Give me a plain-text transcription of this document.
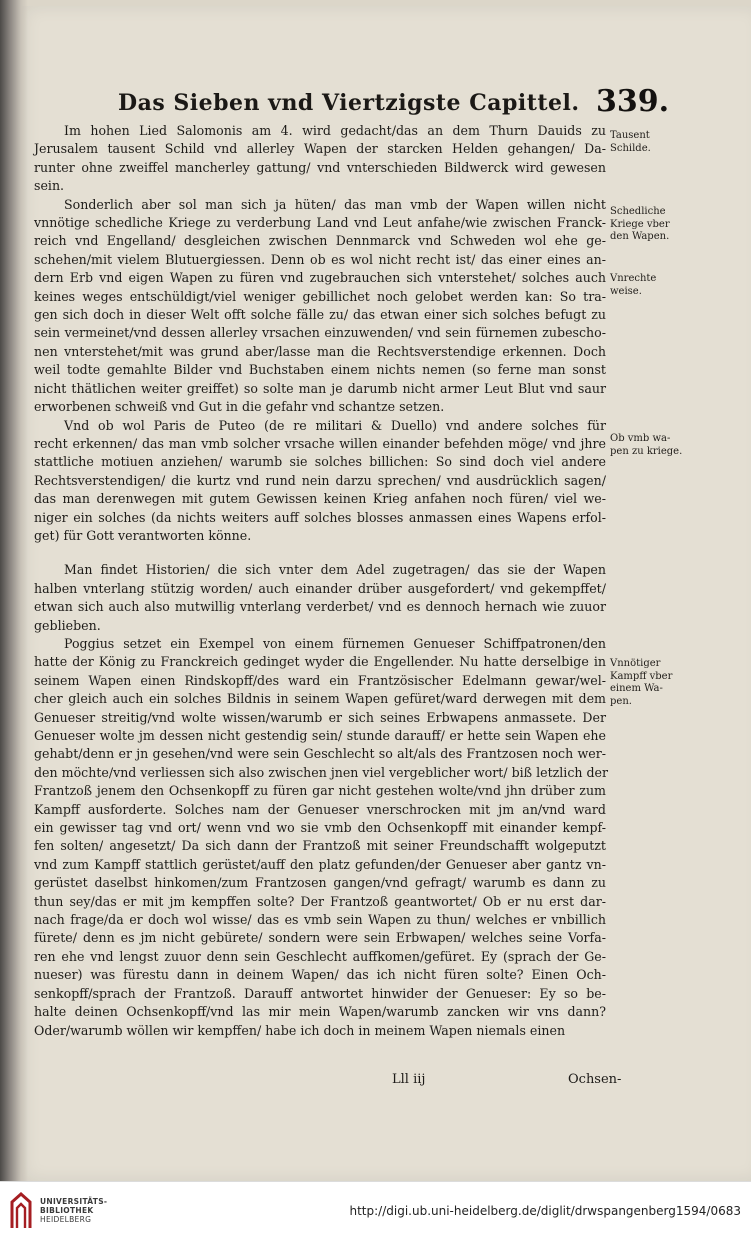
Das Sieben vnd Viertzigste Capittel. 339.
Im hohen Lied Salomonis am 4. wird gedacht/das an dem Thurn Dauids zu
Jerusalem tausent Schild vnd allerley Wapen der starcken Helden gehangen/ Da-
runter ohne zweiffel mancherley gattung/ vnd vnterschieden Bildwerck wird gewesen
sein.
Sonderlich aber sol man sich ja hüten/ das man vmb der Wapen willen nicht
vnnötige schedliche Kriege zu verderbung Land vnd Leut anfahe/wie zwischen Franck-
reich vnd Engelland/ desgleichen zwischen Dennmarck vnd Schweden wol ehe ge-
schehen/mit vielem Blutuergiessen. Denn ob es wol nicht recht ist/ das einer eines an-
dern Erb vnd eigen Wapen zu füren vnd zugebrauchen sich vnterstehet/ solches auch
keines weges entschüldigt/viel weniger gebillichet noch gelobet werden kan: So tra-
gen sich doch in dieser Welt offt solche fälle zu/ das etwan einer sich solches befugt zu
sein vermeinet/vnd dessen allerley vrsachen einzuwenden/ vnd sein fürnemen zubescho-
nen vnterstehet/mit was grund aber/lasse man die Rechtsverstendige erkennen. Doch
weil todte gemahlte Bilder vnd Buchstaben einem nichts nemen (so ferne man sonst
nicht thätlichen weiter greiffet) so solte man je darumb nicht armer Leut Blut vnd saur
erworbenen schweiß vnd Gut in die gefahr vnd schantze setzen.
Vnd ob wol Paris de Puteo (de re militari & Duello) vnd andere solches für
recht erkennen/ das man vmb solcher vrsache willen einander befehden möge/ vnd jhre
stattliche motiuen anziehen/ warumb sie solches billichen: So sind doch viel andere
Rechtsverstendigen/ die kurtz vnd rund nein darzu sprechen/ vnd ausdrücklich sagen/
das man derenwegen mit gutem Gewissen keinen Krieg anfahen noch füren/ viel we-
niger ein solches (da nichts weiters auff solches blosses anmassen eines Wapens erfol-
get) für Gott verantworten könne.
Man findet Historien/ die sich vnter dem Adel zugetragen/ das sie der Wapen
halben vnterlang stützig worden/ auch einander drüber ausgefordert/ vnd gekempffet/
etwan sich auch also mutwillig vnterlang verderbet/ vnd es dennoch hernach wie zuuor
geblieben.
Poggius setzet ein Exempel von einem fürnemen Genueser Schiffpatronen/den
hatte der König zu Franckreich gedinget wyder die Engellender. Nu hatte derselbige in
seinem Wapen einen Rindskopff/des ward ein Frantzösischer Edelmann gewar/wel-
cher gleich auch ein solches Bildnis in seinem Wapen gefüret/ward derwegen mit dem
Genueser streitig/vnd wolte wissen/warumb er sich seines Erbwapens anmassete. Der
Genueser wolte jm dessen nicht gestendig sein/ stunde darauff/ er hette sein Wapen ehe
gehabt/denn er jn gesehen/vnd were sein Geschlecht so alt/als des Frantzosen noch wer-
den möchte/vnd verliessen sich also zwischen jnen viel vergeblicher wort/ biß letzlich der
Frantzoß jenem den Ochsenkopff zu füren gar nicht gestehen wolte/vnd jhn drüber zum
Kampff ausforderte. Solches nam der Genueser vnerschrocken mit jm an/vnd ward
ein gewisser tag vnd ort/ wenn vnd wo sie vmb den Ochsenkopff mit einander kempf-
fen solten/ angesetzt/ Da sich dann der Frantzoß mit seiner Freundschafft wolgeputzt
vnd zum Kampff stattlich gerüstet/auff den platz gefunden/der Genueser aber gantz vn-
gerüstet daselbst hinkomen/zum Frantzosen gangen/vnd gefragt/ warumb es dann zu
thun sey/das er mit jm kempffen solte? Der Frantzoß geantwortet/ Ob er nu erst dar-
nach frage/da er doch wol wisse/ das es vmb sein Wapen zu thun/ welches er vnbillich
fürete/ denn es jm nicht gebürete/ sondern were sein Erbwapen/ welches seine Vorfa-
ren ehe vnd lengst zuuor denn sein Geschlecht auffkomen/gefüret. Ey (sprach der Ge-
nueser) was fürestu dann in deinem Wapen/ das ich nicht füren solte? Einen Och-
senkopff/sprach der Frantzoß. Darauff antwortet hinwider der Genueser: Ey so be-
halte deinen Ochsenkopff/vnd las mir mein Wapen/warumb zancken wir vns dann?
Oder/warumb wöllen wir kempffen/ habe ich doch in meinem Wapen niemals einen
Tausent
Schilde.
Schedliche
Kriege vber
den Wapen.
Vnrechte
weise.
Ob vmb wa-
pen zu kriege.
Vnnötiger
Kampff vber
einem Wa-
pen.
Lll iij	Ochsen-
UNIVERSITÄTS-
BIBLIOTHEK
HEIDELBERG
http://digi.ub.uni-heidelberg.de/diglit/drwspangenberg1594/0683
